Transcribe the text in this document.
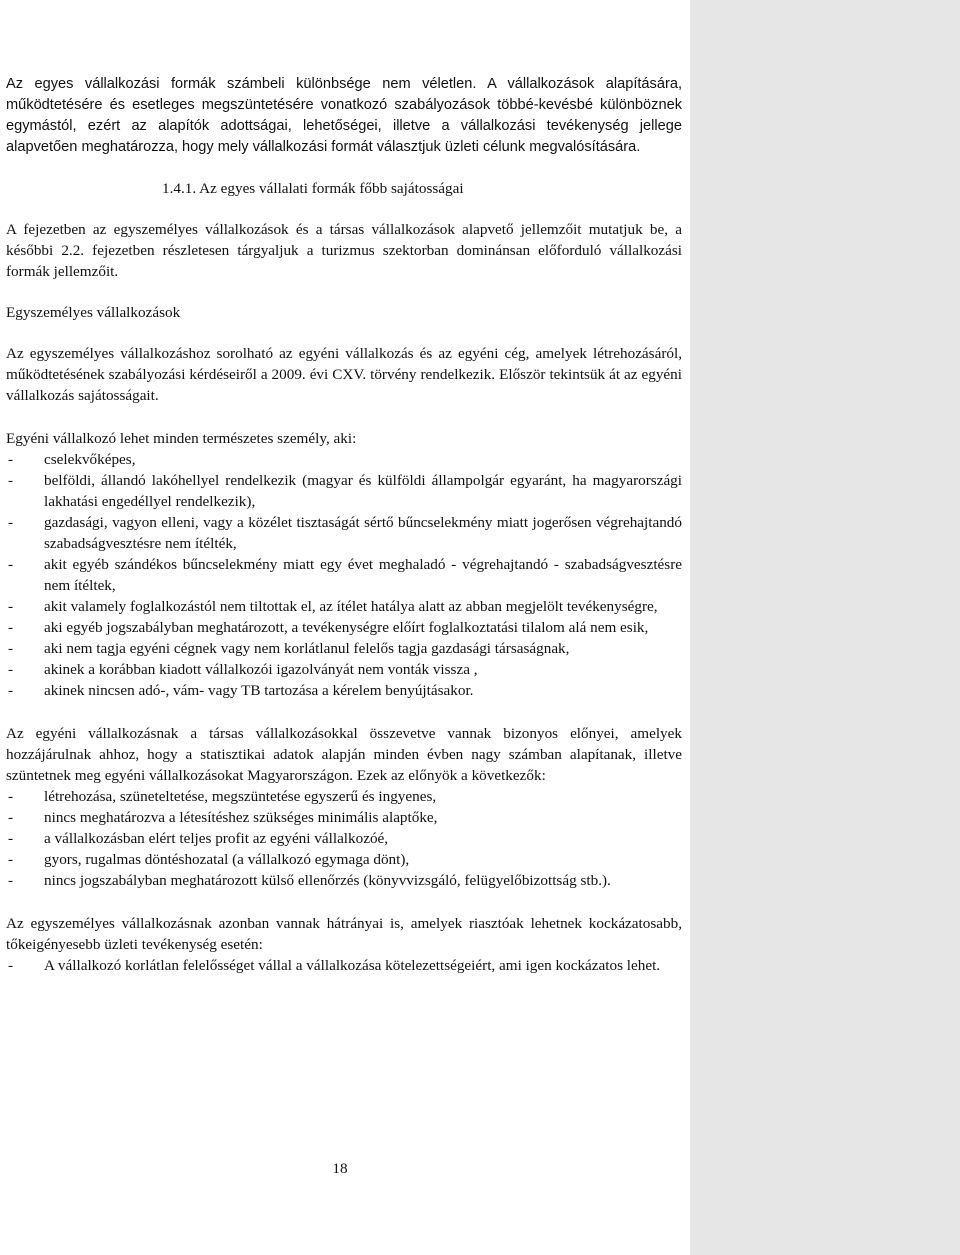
Az egyes vállalkozási formák számbeli különbsége nem véletlen. A vállalkozások alapítására, működtetésére és esetleges megszüntetésére vonatkozó szabályozások többé-kevésbé különböznek egymástól, ezért az alapítók adottságai, lehetőségei, illetve a vállalkozási tevékenység jellege alapvetően meghatározza, hogy mely vállalkozási formát választjuk üzleti célunk megvalósítására.

1.4.1. Az egyes vállalati formák főbb sajátosságai

A fejezetben az egyszemélyes vállalkozások és a társas vállalkozások alapvető jellemzőit mutatjuk be, a későbbi 2.2. fejezetben részletesen tárgyaljuk a turizmus szektorban dominánsan előforduló vállalkozási formák jellemzőit.

Egyszemélyes vállalkozások

Az egyszemélyes vállalkozáshoz sorolható az egyéni vállalkozás és az egyéni cég, amelyek létrehozásáról, működtetésének szabályozási kérdéseiről a 2009. évi CXV. törvény rendelkezik. Először tekintsük át az egyéni vállalkozás sajátosságait.

Egyéni vállalkozó lehet minden természetes személy, aki:

- cselekvőképes,
- belföldi, állandó lakóhellyel rendelkezik (magyar és külföldi állampolgár egyaránt, ha magyarországi lakhatási engedéllyel rendelkezik),
- gazdasági, vagyon elleni, vagy a közélet tisztaságát sértő bűncselekmény miatt jogerősen végrehajtandó szabadságvesztésre nem ítélték,
- akit egyéb szándékos bűncselekmény miatt egy évet meghaladó - végrehajtandó - szabadságvesztésre nem ítéltek,
- akit valamely foglalkozástól nem tiltottak el, az ítélet hatálya alatt az abban megjelölt tevékenységre,
- aki egyéb jogszabályban meghatározott, a tevékenységre előírt foglalkoztatási tilalom alá nem esik,
- aki nem tagja egyéni cégnek vagy nem korlátlanul felelős tagja gazdasági társaságnak,
- akinek a korábban kiadott vállalkozói igazolványát nem vonták vissza ,
- akinek nincsen adó-, vám- vagy TB tartozása a kérelem benyújtásakor.

Az egyéni vállalkozásnak a társas vállalkozásokkal összevetve vannak bizonyos előnyei, amelyek hozzájárulnak ahhoz, hogy a statisztikai adatok alapján minden évben nagy számban alapítanak, illetve szüntetnek meg egyéni vállalkozásokat Magyarországon. Ezek az előnyök a következők:

- létrehozása, szüneteltetése, megszüntetése egyszerű és ingyenes,
- nincs meghatározva a létesítéshez szükséges minimális alaptőke,
- a vállalkozásban elért teljes profit az egyéni vállalkozóé,
- gyors, rugalmas döntéshozatal (a vállalkozó egymaga dönt),
- nincs jogszabályban meghatározott külső ellenőrzés (könyvvizsgáló, felügyelőbizottság stb.).

Az egyszemélyes vállalkozásnak azonban vannak hátrányai is, amelyek riasztóak lehetnek kockázatosabb, tőkeigényesebb üzleti tevékenység esetén:

- A vállalkozó korlátlan felelősséget vállal a vállalkozása kötelezettségeiért, ami igen kockázatos lehet.
18
